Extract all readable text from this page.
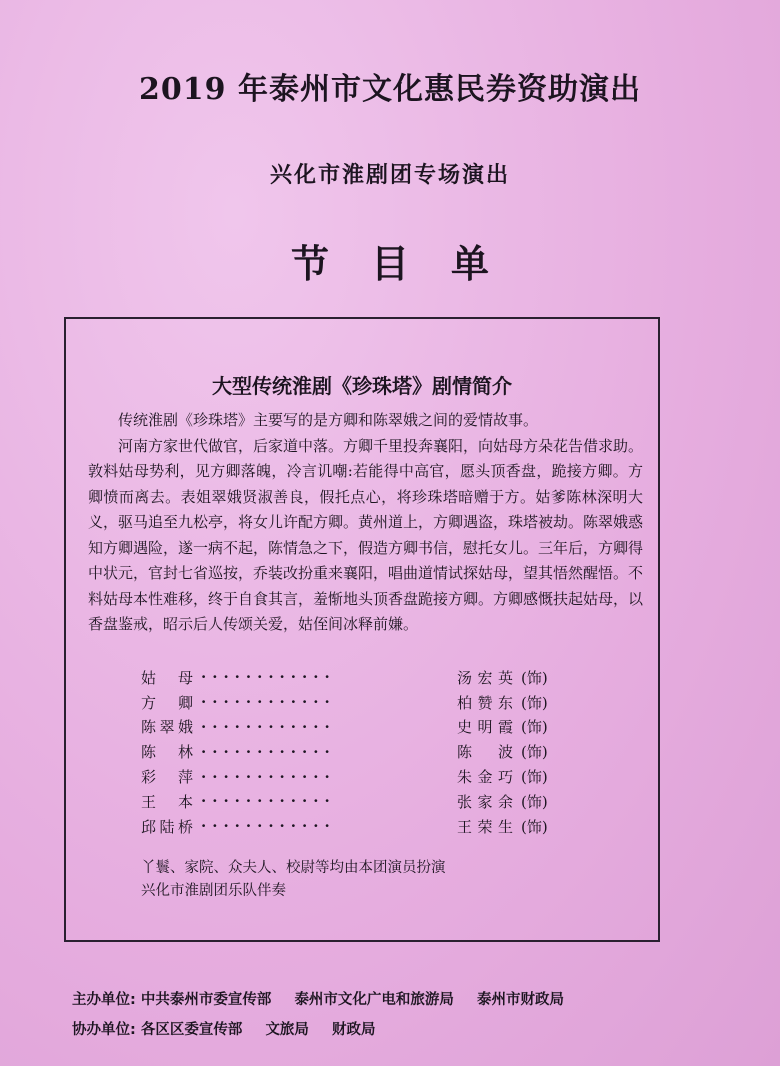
2019 年泰州市文化惠民券资助演出
兴化市淮剧团专场演出
节目单
大型传统淮剧《珍珠塔》剧情简介

传统淮剧《珍珠塔》主要写的是方卿和陈翠娥之间的爱情故事。

河南方家世代做官，后家道中落。方卿千里投奔襄阳，向姑母方朵花告借求助。敦料姑母势利，见方卿落魄，冷言讥嘲:若能得中高官，愿头顶香盘，跪接方卿。方卿愤而离去。表姐翠娥贤淑善良，假托点心，将珍珠塔暗赠于方。姑爹陈林深明大义，驱马追至九松亭，将女儿许配方卿。黄州道上，方卿遇盗，珠塔被劫。陈翠娥惑知方卿遇险，遂一病不起，陈情急之下，假造方卿书信，慰托女儿。三年后，方卿得中状元，官封七省巡按，乔装改扮重来襄阳，唱曲道情试探姑母，望其悟然醒悟。不料姑母本性难移，终于自食其言，羞惭地头顶香盘跪接方卿。方卿感慨扶起姑母，以香盘鉴戒，昭示后人传颂关爱，姑侄间冰释前嫌。

姑母 ············	汤宏英 (饰)
方卿 ············	柏赞东 (饰)
陈翠娥 ············	史明霞 (饰)
陈林 ············	陈波 (饰)
彩萍 ············	朱金巧 (饰)
王本 ············	张家余 (饰)
邱陆桥 ············	王荣生 (饰)
丫鬟、家院、众夫人、校尉等均由本团演员扮演
兴化市淮剧团乐队伴奏
主办单位: 中共泰州市委宣传部 泰州市文化广电和旅游局 泰州市财政局
协办单位: 各区区委宣传部 文旅局 财政局
